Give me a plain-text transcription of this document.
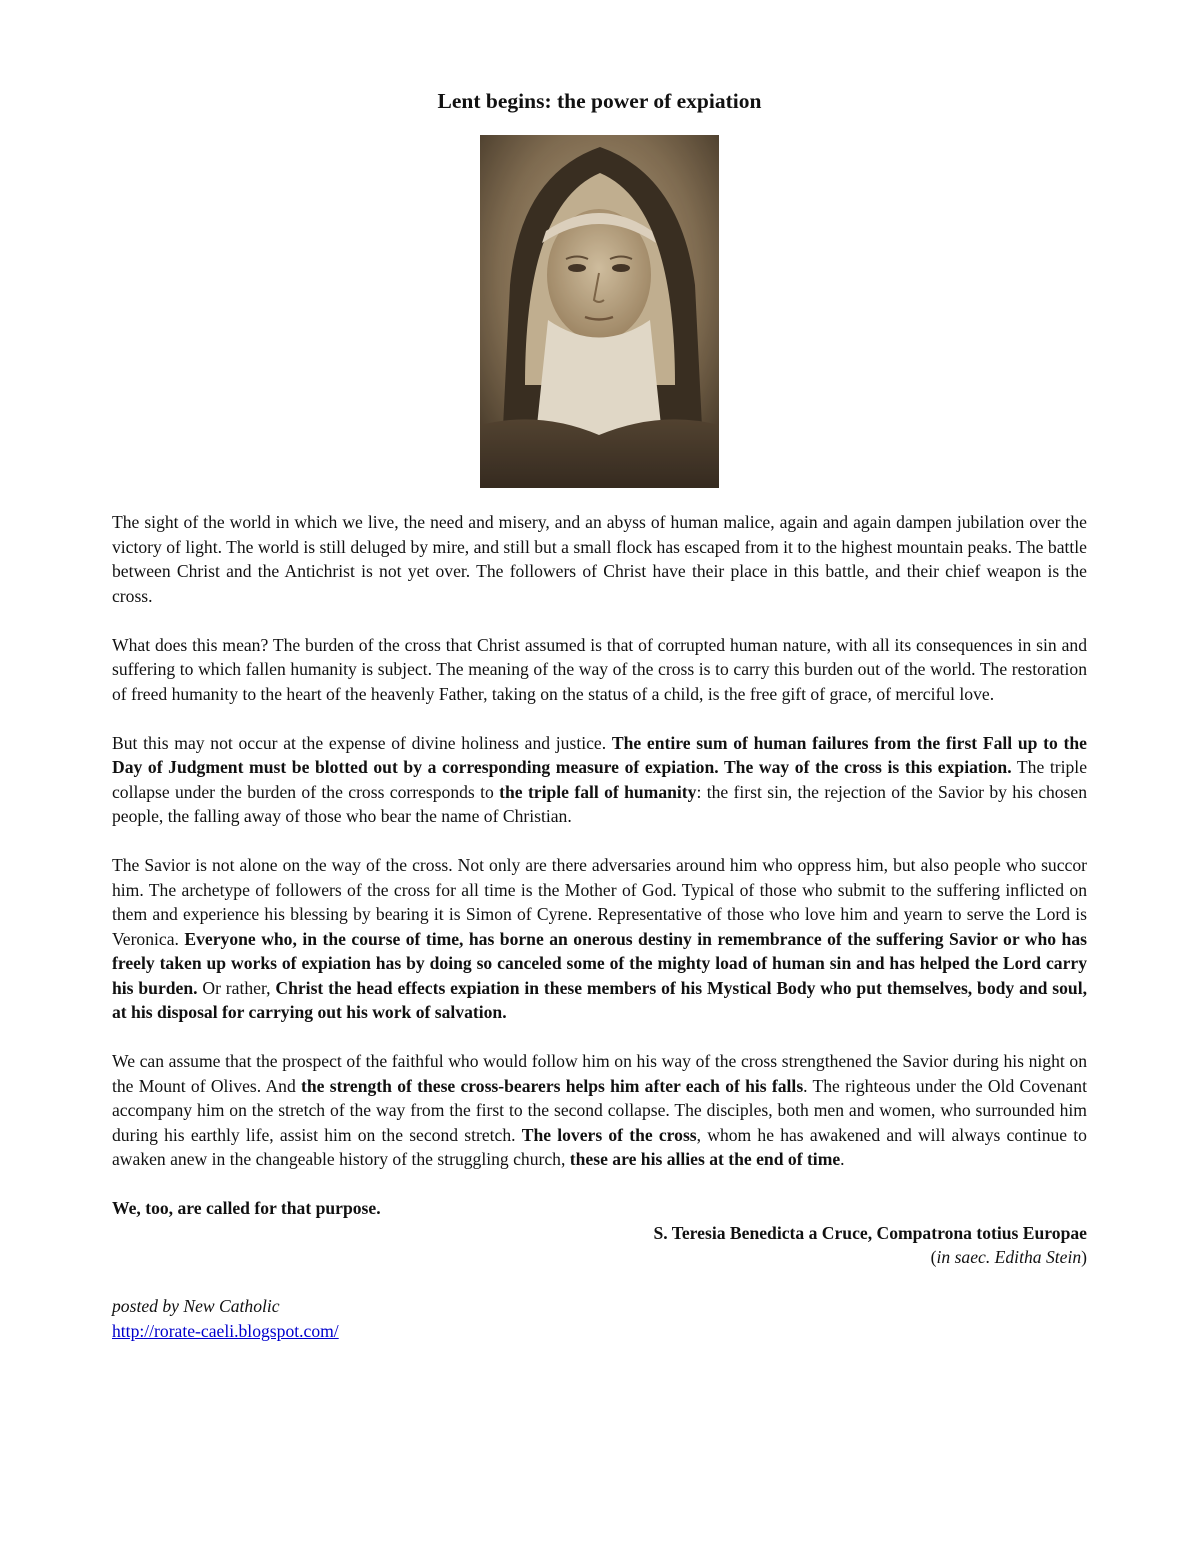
Lent begins: the power of expiation

The sight of the world in which we live, the need and misery, and an abyss of human malice, again and again dampen jubilation over the victory of light. The world is still deluged by mire, and still but a small flock has escaped from it to the highest mountain peaks. The battle between Christ and the Antichrist is not yet over. The followers of Christ have their place in this battle, and their chief weapon is the cross.

What does this mean? The burden of the cross that Christ assumed is that of corrupted human nature, with all its consequences in sin and suffering to which fallen humanity is subject. The meaning of the way of the cross is to carry this burden out of the world. The restoration of freed humanity to the heart of the heavenly Father, taking on the status of a child, is the free gift of grace, of merciful love.

But this may not occur at the expense of divine holiness and justice. The entire sum of human failures from the first Fall up to the Day of Judgment must be blotted out by a corresponding measure of expiation. The way of the cross is this expiation. The triple collapse under the burden of the cross corresponds to the triple fall of humanity: the first sin, the rejection of the Savior by his chosen people, the falling away of those who bear the name of Christian.

The Savior is not alone on the way of the cross. Not only are there adversaries around him who oppress him, but also people who succor him. The archetype of followers of the cross for all time is the Mother of God. Typical of those who submit to the suffering inflicted on them and experience his blessing by bearing it is Simon of Cyrene. Representative of those who love him and yearn to serve the Lord is Veronica. Everyone who, in the course of time, has borne an onerous destiny in remembrance of the suffering Savior or who has freely taken up works of expiation has by doing so canceled some of the mighty load of human sin and has helped the Lord carry his burden. Or rather, Christ the head effects expiation in these members of his Mystical Body who put themselves, body and soul, at his disposal for carrying out his work of salvation.

We can assume that the prospect of the faithful who would follow him on his way of the cross strengthened the Savior during his night on the Mount of Olives. And the strength of these cross-bearers helps him after each of his falls. The righteous under the Old Covenant accompany him on the stretch of the way from the first to the second collapse. The disciples, both men and women, who surrounded him during his earthly life, assist him on the second stretch. The lovers of the cross, whom he has awakened and will always continue to awaken anew in the changeable history of the struggling church, these are his allies at the end of time.

We, too, are called for that purpose.

S. Teresia Benedicta a Cruce, Compatrona totius Europae

(in saec. Editha Stein)

posted by New Catholic
http://rorate-caeli.blogspot.com/
